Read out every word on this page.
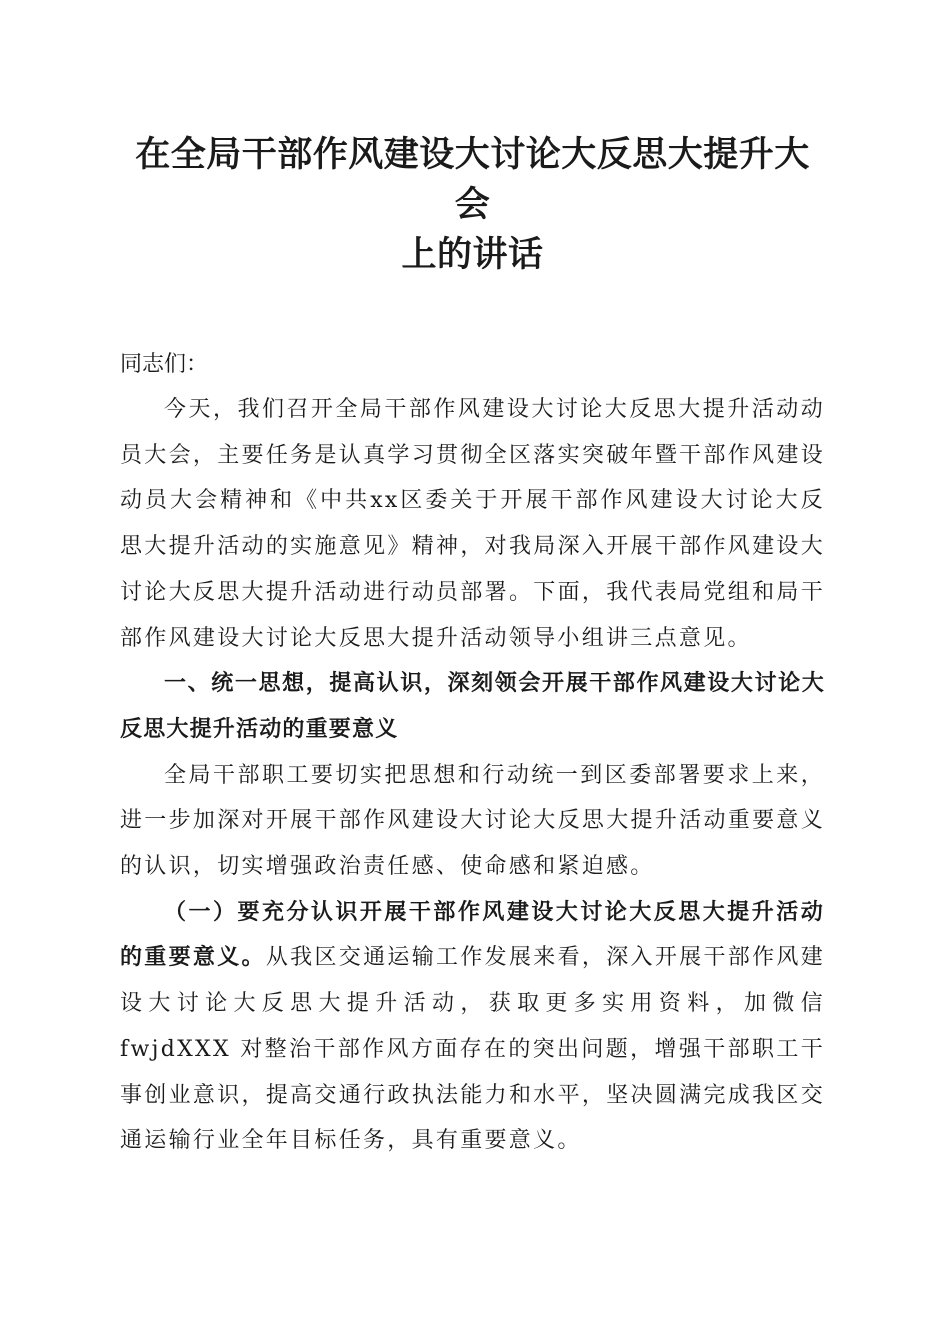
在全局干部作风建设大讨论大反思大提升大会
上的讲话

同志们：

今天，我们召开全局干部作风建设大讨论大反思大提升活动动员大会，主要任务是认真学习贯彻全区落实突破年暨干部作风建设动员大会精神和《中共xx区委关于开展干部作风建设大讨论大反思大提升活动的实施意见》精神，对我局深入开展干部作风建设大讨论大反思大提升活动进行动员部署。下面，我代表局党组和局干部作风建设大讨论大反思大提升活动领导小组讲三点意见。

一、统一思想，提高认识，深刻领会开展干部作风建设大讨论大反思大提升活动的重要意义

全局干部职工要切实把思想和行动统一到区委部署要求上来，进一步加深对开展干部作风建设大讨论大反思大提升活动重要意义的认识，切实增强政治责任感、使命感和紧迫感。

（一）要充分认识开展干部作风建设大讨论大反思大提升活动的重要意义。从我区交通运输工作发展来看，深入开展干部作风建设大讨论大反思大提升活动，获取更多实用资料，加微信 fwjdXXX 对整治干部作风方面存在的突出问题，增强干部职工干事创业意识，提高交通行政执法能力和水平，坚决圆满完成我区交通运输行业全年目标任务，具有重要意义。
